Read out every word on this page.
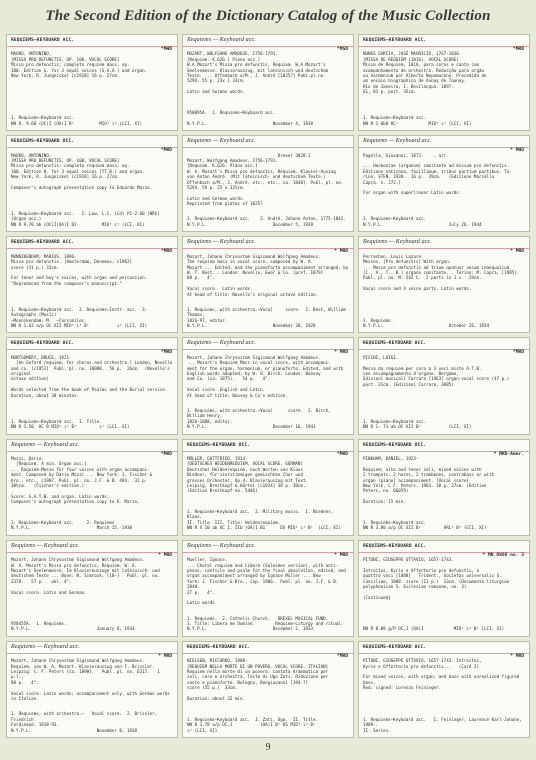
The Second Edition of the Dictionary Catalog of the Music Collection
REQUIEMS—KEYBOARD ACC.
*MHD
MAURO, ANTONINO,
[MISSA PRO DEFUNCTIS, OP. 100, VOCAL SCORE]
Missa pro defunctis; completo requiem mass, op.
100. Edition G. for 3 equal voices (S.A.A.) and organ.
New York, R. Jungnickel [c1918] 16 p. 27cm.
1. Requiems—Keyboard acc.
NN R. 9.60 (OC)I (OA)I B¹          MIO³ ı³ (LCI, XI)
Requiems — Keyboard acc.
*MSD
MOZART, WOLFGANG AMADEUS, 1756-1791.
[Requiem. K.626.] Piano acc.]
W.A.Mozart's Missa pro defunctis, Requiem. W.A.Mozart's
Seelenmesse. Klavierauszug, mit lateinisch-und deutschem
Texte. ... Offenbach a/M., J. André [1825?] Publ.pl.no.
5294. 55 p. 23x 1 33cm.

Latin and German words.
950095A.  1. Requiems—Keyboard acc.

N.Y.P.L.                          November 4, 1938
REQUIEMS—KEYBOARD ACC.
*MRD
NUNES GARCIA, JOSÉ MAURICIO, 1767-1830.
[MISSA DE REQUIEM (1816). VOCAL SCORE]
Missa de Requiem, 1816, para coros e canto com
acompanhamento de orchestra. Reducção para orgão
ou harmonium por Alberto Nepomuceno. Procedida de
um ensaio biographico de Aunay de Taunay.
Rio de Janeiro, I. Bevilacqua, 1897.
61, 83 p. port. 35cm.
1. Requiems—Keyboard acc.
NN R 1 0b8 OC¹            MIO³ ı³ (LCI, XI)
REQUIEMS—KEYBOARD ACC.
*MRD
MAURO, ANTONINO,
[MISSA PRO DEFUNCTIS, OP. 100, VOCAL SCORE]
Missa pro defunctis; completo requiem mass, op.
100. Edition H. for 3 equal voices (TT.B.) and organ.
New York, R. Jungnickel [c1918] 16 p. 27cm.

Composer's autograph presentation copy to Eduardo Marzo.
1. Requiems—Keyboard acc.   2. Low, L.C. (Cd) P1-2-60 (NRh)
(Organ acc.)
NN R 9.70 ab (OC)I(OA)I B1          MIO³ ı³ (LCI, XI)
Requiems — Keyboard acc.
Drexel 3028.1
Mozart, Wolfgang Amadeus, 1756-1791.
[Requiem. K.626. Piano acc.]
W. A. Mozart's Missa pro defunctis, Requiem. Klavier-Auszug
von Anton André. (Mit lateinisch- und deutschem Texte.)
Offenbach a/M., J. André, etc., etc., ca. 1840]. Publ. pl. no.
5294. 59 p. 25 x 32½cm.

Latin and German words.
Reprinted from plates of 1825?
1. Requiems—Keyboard acc.    2. André, Johann Anton, 1775-1842.
N.Y.P.L.                          December 5, 1939
Requiems — Keyboard acc.
* MHD
Pagella, Giovanni, 1872-    , arr.

... Harmoniae (organum) comitante ad missam pro defunctis.
Editione vaticana, facillimum, tribus partium partibus. To-
rino. STEN, 1938.  16 p.  29cm.   (Edizione Marcello
Capra. n. 272.)

For organ with superlinear Latin words.
1. Requiems—Keyboard acc.
N.Y.P.L.                          July 26, 1944
REQUIEMS—KEYBOARD ACC.
*MRD
MONNIKENDAM, MARIUS, 1896-
Missa pro defunctis. [Amsterdam, Donemus, c1962]
score (31 p.) 33cm.

For tenor and boy's voices, with organ and percussion.
"Reproduced from the composer's manuscript."
1. Requiems—Keyboard acc.  2. Requiems—Instr. acc.  3. Autographs (Music)
—Monnikendam, M.  —Facsimiles.
NN R 1.63 a/p OC XII MIO³ ı³ B¹           ı³ (LCI, XI)
Requiems — Keyboard acc.
* MRD
Mozart, Johann Chrysostom Sigismund Wolfgang Amadeus.
The requiem mass in vocal score, composed by W. A.
Mozart ... Edited, and the pianoforte accompaniment arranged, by
W. T. Best... London: Novello, Ewer & Co. [pref. 1879]
88 p.   4°.

Vocal score.  Latin words.
At head of title: Novello's original octavo edition.
1. Requiems, with orchestra.—Vocal     score.  2. Best, William Thomas,
1826-97, editor.
N.Y.P.L.                          November 20, 1928
Requiems — Keyboard acc.
* MRD
Perrachon, Louis Lazare.
Messes. [Pro defunctis] With organ.
... Messa pro defunctis ad trium quatuor vocum inaequalium
(C., A., T., B.) organo comitante... Torino: M. Capra, [1905].
Publ. pl. no. M. 542 C.  2 parts in 1 v.  29cm.

Vocal score and 4 voice parts. Latin words.
1. Requiems.
N.Y.P.L.                          October 26, 1934
REQUIEMS—KEYBOARD ACC.
*MRD
MONTGOMERY, BRUCE, 1921-
[An Oxford requiem, for chorus and orchestra.] London, Novello
and co. [c1951]  Publ. pl. no. 18088.  56 p.  26cm.  (Novello's original
octavo edition)

Words selected from the book of Psalms and the Burial service.
Duration, about 30 minutes.
1. Requiems—Keyboard acc.  I. Title.
NN R 3.50  OC B MIO³ ı³ B¹         ı³ (LC1, XI)
Requiems — Keyboard acc.
* MRD
Mozart, Johann Chrysostom Sigismund Wolfgang Amadeus.
... Mozart's Requiem Mass in vocal score, with accompani-
ment for the organ, harmonium, or pianoforte. Edited, and with
English words adapted, by W. H. Birch. London: Boosey
and Co. (ca. 1875).   54 p.   4°.

Vocal score. English and Latin.
At head of title: Boosey & Co's edition.
1. Requiems, with orchestra.—Vocal      score.  2. Birch, William Henry,
1826-1888, editor.
N.Y.P.L.                          December 16, 1941
REQUIEMS—KEYBOARD ACC.
*MRD
PICCHI, LUIGI.

Messa da requiem per coro a 3 voci miste A.T.B.
con accompagnamento d'organo. Bergamo,
Edizioni musicali Carrara [1963] organ-vocal score (47 p.)
port. 31cm. (Edizioni Carrara, 3085)
1. Requiems—Keyboard acc.
NN R 1. 71 ab OC XII B¹           (LCI, XI)
Requiems — Keyboard acc.
*MRD
Mozzi, Dario.
[Requiem. A min. Organ acc.]
... Requiem-Messe für four voices with organ accompani-
ment. Composed by Dario Mozzi ... New York: J. Fischer &
bro., etc., c1907. Publ. pl. no. J.F. & B. 494.  32 p.
30½cm.   (Fischer's edition.)

Score: S.A.T.B. and organ. Latin words.
Composer's autograph presentation copy to E. Marzo.
1. Requiems—Keyboard acc.     2. Requiems
N.Y.P.L.                          March 15, 1930
REQUIEMS—KEYBOARD ACC.
*MRD
MÜLLER, GOTTFRIED, 1914-
[DEUTSCHES HEIDENREQUIEM. VOCAL SCORE. GERMAN]
Deutsches Heldenrequiem, nach Worten von Klaus
Niedner, für vierstimmigen gemischten Chor und
grosses Orchester, Op.4. Klavierauszug mit Text.
Leipzig, Breitkopf & Härtel [c1934] 38 p. 30cm.
(Edition Breitkopf no. 5446)
1. Requiems—Keyboard acc.  2. Military music.  I. Niedner, Klaus,
II. Title. III. Title: Heldenrequiem.
NN R X 10 ab OC I, IIb (OA)I B1      DS MIO³ ı³ B¹  (LCI, XI)
REQUIEMS—KEYBOARD ACC.
* MRD-Amer.
PINKHAM, DANIEL, 1923-

Requiem; alto and tenor soli, mixed voices with
2 trumpets, 2 horns, 2 trombones, contrabass or with
organ (piano) accompaniment. [Vocal score]
New York, C.F. Peters, 1963. 38 p. 27cm. (Edition
Peters, no. 66059)

Duration: 15 min.
1. Requiems—Keyboard acc.
NN R 3.80 a/p OC XII B¹         ARL³ B³ (CC1, XI)
Requiems — Keyboard acc.
* MRD
Mozart, Johann Chrysostom Sigismund Wolfgang Amadeus.
W. A. Mozart's Missa pro defunctis, Requiem. W. A.
Mozart's Seelenmesse. Im Klavierauszuge mit lateinisch- und
deutschem Texte ... Bonn: N. Simrock, [18—]   Publ. pl. no.
2378.   57 p.   obl. 4°.

Vocal score. Latin and German.
950455A.  1. Requiems.
N.Y.P.L.                          January 8, 1934
Requiems — Keyboard acc.
* MRD
Mueller, Ignace.
... Choral requiem and Libera (Solesmes version), with anti-
phons, canticle and psalm for the final absolution, edited, and
organ accompaniment arranged by Ignace Müller ... New
York: J. Fischer & Bro., cop. 1906.  Publ. pl. no. J.F. & B. 2848.
27 p.   4°.

Latin words.
1. Requiems.  2. Catholic Church.   DREXEL MUSICAL FUND.
3. Title: Libera me Domine.        Requiem—Liturgy and ritual.
N.Y.P.L.                          December 2, 1933
REQUIEMS—KEYBOARD ACC.
* MN D866 no. 3
PITONI, GIUSEPPE OTTAVIO, 1657-1743.

Introitus, Kyrie e Offertorio pro defunctis, a
quattro voci [1888]   Trident., Societas universalis S.
Caeciliae, 1888. score (11 p.)  33cm. (Documenta liturgiae
polyphonicae S. Ecclesiae romanae, no. 3)

(Continued)
NN R 8.89 g/P OC,I (OA)I            MIO³ ı³ B¹ (LCI, XI)
Requiems — Keyboard acc.
* MRD
Mozart, Johann Chrysostom Sigismund Wolfgang Amadeus.
Requiem, von W. A. Mozart. Klavierauszug von F. Brissler.
Leipzig: C. F. Peters [ca. 1890].   Publ. pl. no. 6317.   1 p.l.,
80 p.   4°.

Vocal score. Latin words; accompaniment only, with German words in Italian.
1. Requiems, with orchestra.—   Vocal score.  2. Brissler, Friedrich
Ferdinand, 1818-93.
N.Y.P.L.                          November 8, 1938
REQUIEMS—KEYBOARD ACC.
*MRD
NIELSEN, RICCARDO, 1908-
[REQUIEM NELLA MORTE DI UN POVERO. VOCAL SCORE. ITALIAN]
Requiem nella morte di un povero, cantata drammatica per
soli, coro e orchestra. Testo di Ugo Zati. Riduzione per
canto e pianoforte. Bologna, Bongiovanni [194-?]
score (55 p.)  33cm.

Duration: about 32 min.
1. Requiems—Keyboard acc.  I. Zati, Ugo.  II. Title.
NN R 3.78 a/p OC,I           (OA)I B¹ DS MIO³ ı³ B¹
ı³ (LCI, XI)
REQUIEMS—KEYBOARD ACC.
* MRD
PITONI, GIUSEPPE OTTAVIO, 1657-1743. Introitus,
Kyrie e Offertorio pro defunctis...   (Card 2)

For mixed voices, with organ; and bass with unrealized figured bass.
Red, signed: Lorenzo Feininger.
1. Requiems—Keyboard acc.   I. Feininger, Laurence Karl Johann, 1909-.
II. Series.
9
